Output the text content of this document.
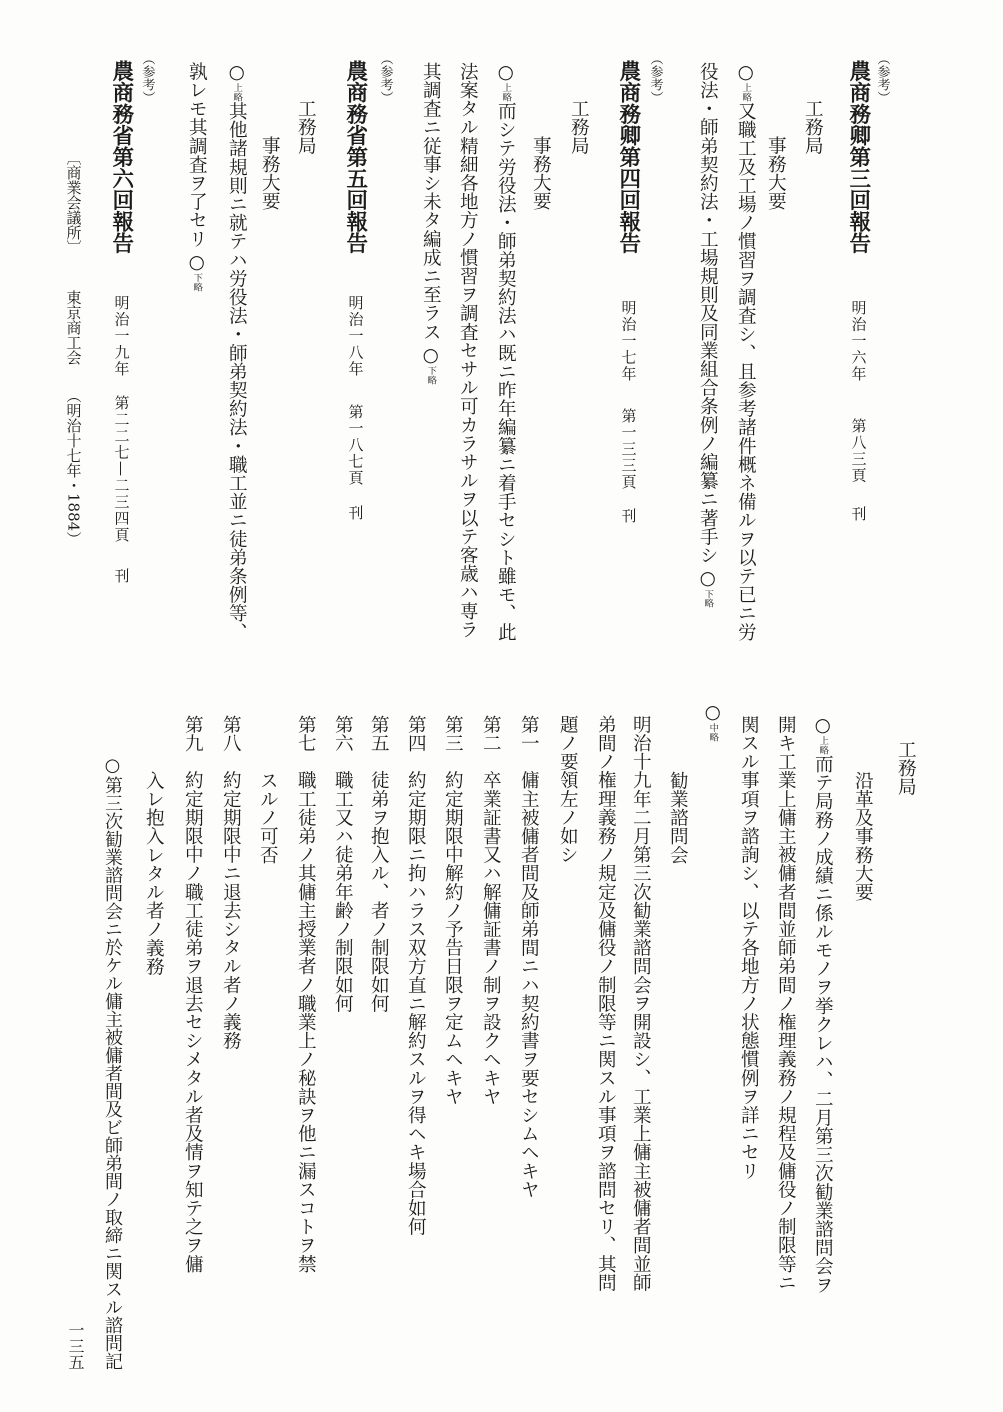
（参考）
農商務卿第三回報告
明治一六年
第八三頁
刊
工務局
事務大要
○上略又職工及工場ノ慣習ヲ調査シ、且参考諸件概ネ備ルヲ以テ已ニ労
役法・師弟契約法・工場規則及同業組合条例ノ編纂ニ著手シ○下略
（参考）
農商務卿第四回報告
明治一七年
第一三三頁
刊
工務局
事務大要
○上略而シテ労役法・師弟契約法ハ既ニ昨年編纂ニ着手セシト雖モ、此
法案タル精細各地方ノ慣習ヲ調査セサル可カラサルヲ以テ客歳ハ専ラ
其調査ニ従事シ未タ編成ニ至ラス○下略
（参考）
農商務省第五回報告
明治一八年
第一八七頁
刊
工務局
事務大要
○上略其他諸規則ニ就テハ労役法・師弟契約法・職工並ニ徒弟条例等、
孰レモ其調査ヲ了セリ○下略
（参考）
農商務省第六回報告
明治一九年
第二二七—二三四頁
刊
〔商業会議所〕
東京商工会
（明治十七年・1884）
工務局
沿革及事務大要
○上略而テ局務ノ成績ニ係ルモノヲ挙クレハ、二月第三次勧業諮問会ヲ
開キ工業上傭主被傭者間並師弟間ノ権理義務ノ規程及傭役ノ制限等ニ
関スル事項ヲ諮詢シ、以テ各地方ノ状態慣例ヲ詳ニセリ
○中略
勧業諮問会
明治十九年二月第三次勧業諮問会ヲ開設シ、工業上傭主被傭者間並師
弟間ノ権理義務ノ規定及傭役ノ制限等ニ関スル事項ヲ諮問セリ、其問
題ノ要領左ノ如シ
第一傭主被傭者間及師弟間ニハ契約書ヲ要セシムヘキヤ
第二卒業証書又ハ解傭証書ノ制ヲ設クヘキヤ
第三約定期限中解約ノ予告日限ヲ定ムヘキヤ
第四約定期限ニ拘ハラス双方直ニ解約スルヲ得ヘキ場合如何
第五徒弟ヲ抱入ル、者ノ制限如何
第六職工又ハ徒弟年齢ノ制限如何
第七職工徒弟ノ其傭主授業者ノ職業上ノ秘訣ヲ他ニ漏スコトヲ禁
スルノ可否
第八約定期限中ニ退去シタル者ノ義務
第九約定期限中ノ職工徒弟ヲ退去セシメタル者及情ヲ知テ之ヲ傭
入レ抱入レタル者ノ義務
○第三次勧業諮問会ニ於ケル傭主被傭者間及ビ師弟間ノ取締ニ関スル諮問記
一三五
